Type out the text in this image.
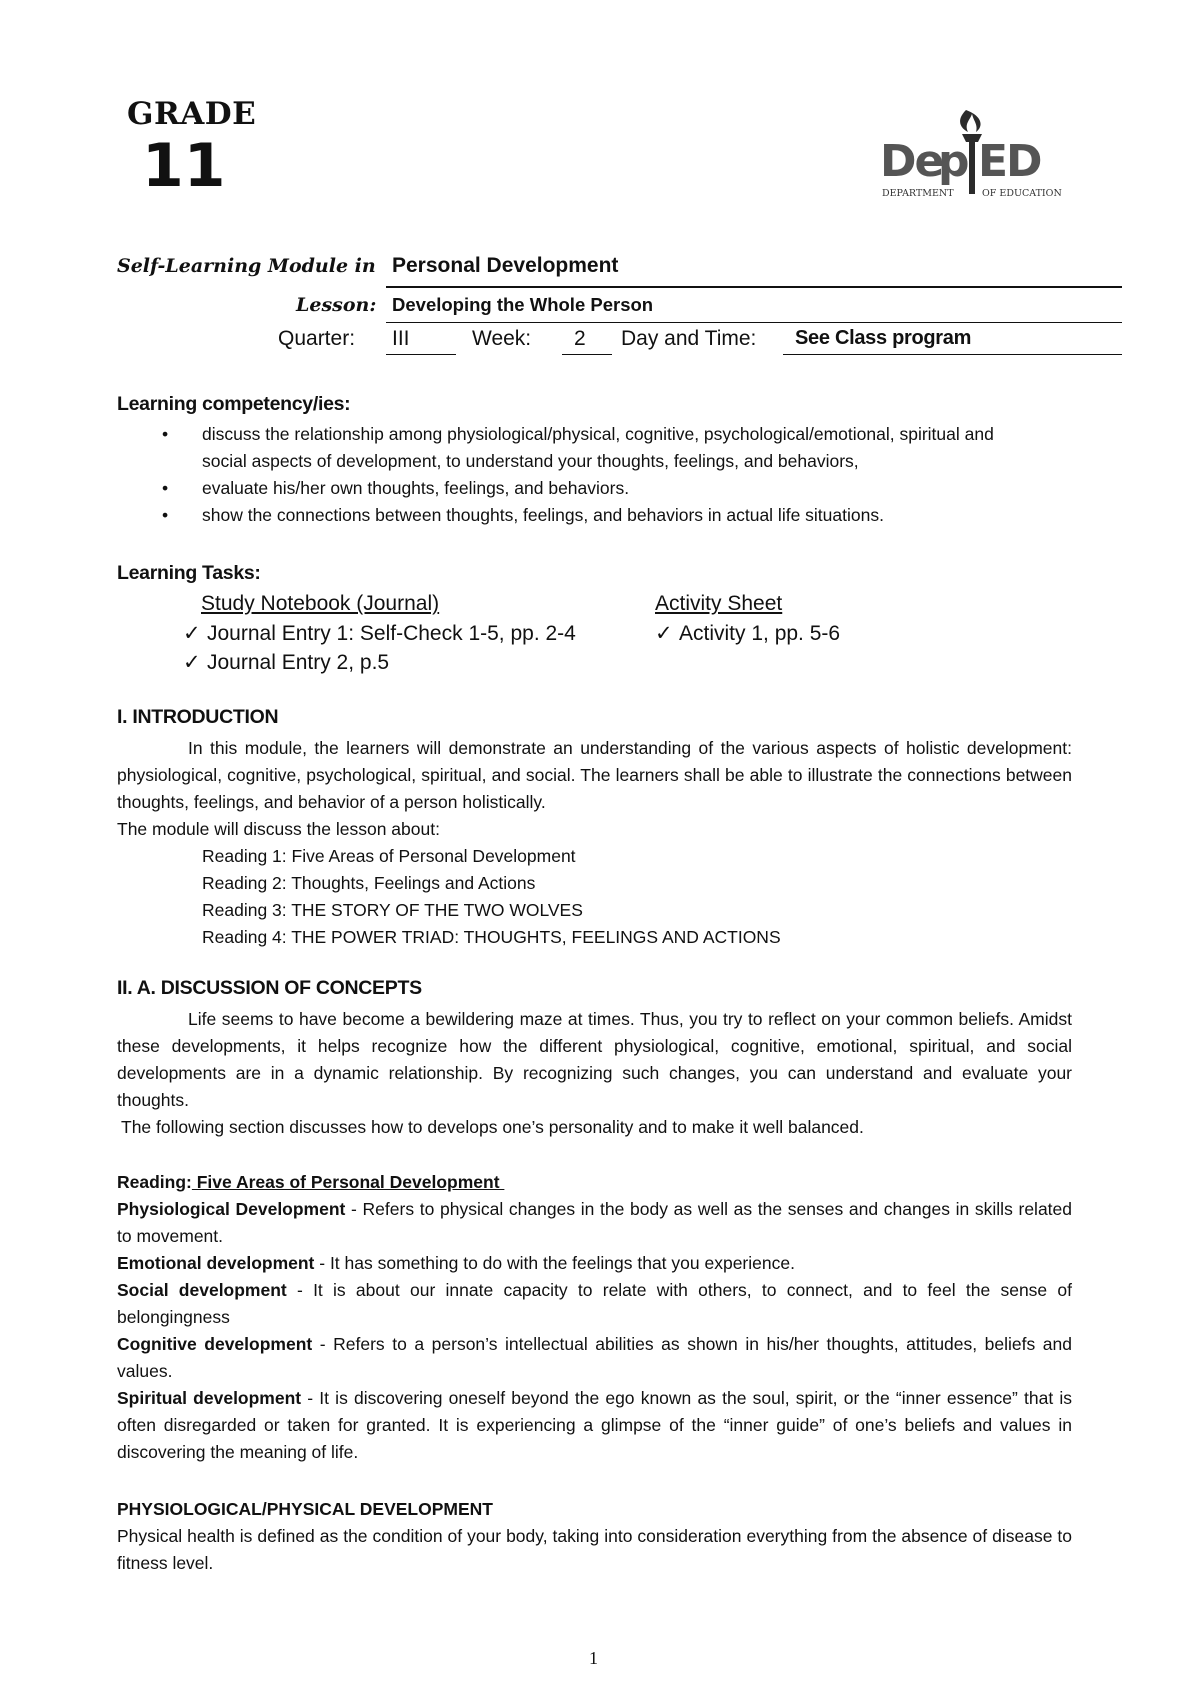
GRADE
11	De
p ED
DEPARTMENT	OF EDUCATION
Self-Learning Module in Personal Development
Lesson: Developing the Whole Person
Quarter: III	Week: 2 Day and Time: See Class program
Learning competency/ies:
• discuss the relationship among physiological/physical, cognitive, psychological/emotional, spiritual and social aspects of development, to understand your thoughts, feelings, and behaviors,
• evaluate his/her own thoughts, feelings, and behaviors.
• show the connections between thoughts, feelings, and behaviors in actual life situations.
Learning Tasks:
Study Notebook (Journal)
✓ Journal Entry 1: Self-Check 1-5, pp. 2-4
✓ Journal Entry 2, p.5
Activity Sheet
✓ Activity 1, pp. 5-6
I. INTRODUCTION
In this module, the learners will demonstrate an understanding of the various aspects of holistic development: physiological, cognitive, psychological, spiritual, and social. The learners shall be able to illustrate the connections between thoughts, feelings, and behavior of a person holistically.
The module will discuss the lesson about:
Reading 1: Five Areas of Personal Development
Reading 2: Thoughts, Feelings and Actions
Reading 3: THE STORY OF THE TWO WOLVES
Reading 4: THE POWER TRIAD: THOUGHTS, FEELINGS AND ACTIONS
II. A. DISCUSSION OF CONCEPTS
Life seems to have become a bewildering maze at times. Thus, you try to reflect on your common beliefs. Amidst these developments, it helps recognize how the different physiological, cognitive, emotional, spiritual, and social developments are in a dynamic relationship. By recognizing such changes, you can understand and evaluate your thoughts.
The following section discusses how to develops one’s personality and to make it well balanced.
Reading: Five Areas of Personal Development
Physiological Development - Refers to physical changes in the body as well as the senses and changes in skills related to movement.
Emotional development - It has something to do with the feelings that you experience.
Social development - It is about our innate capacity to relate with others, to connect, and to feel the sense of belongingness
Cognitive development - Refers to a person’s intellectual abilities as shown in his/her thoughts, attitudes, beliefs and values.
Spiritual development - It is discovering oneself beyond the ego known as the soul, spirit, or the “inner essence” that is often disregarded or taken for granted. It is experiencing a glimpse of the “inner guide” of one’s beliefs and values in discovering the meaning of life.
PHYSIOLOGICAL/PHYSICAL DEVELOPMENT
Physical health is defined as the condition of your body, taking into consideration everything from the absence of disease to fitness level.
1
